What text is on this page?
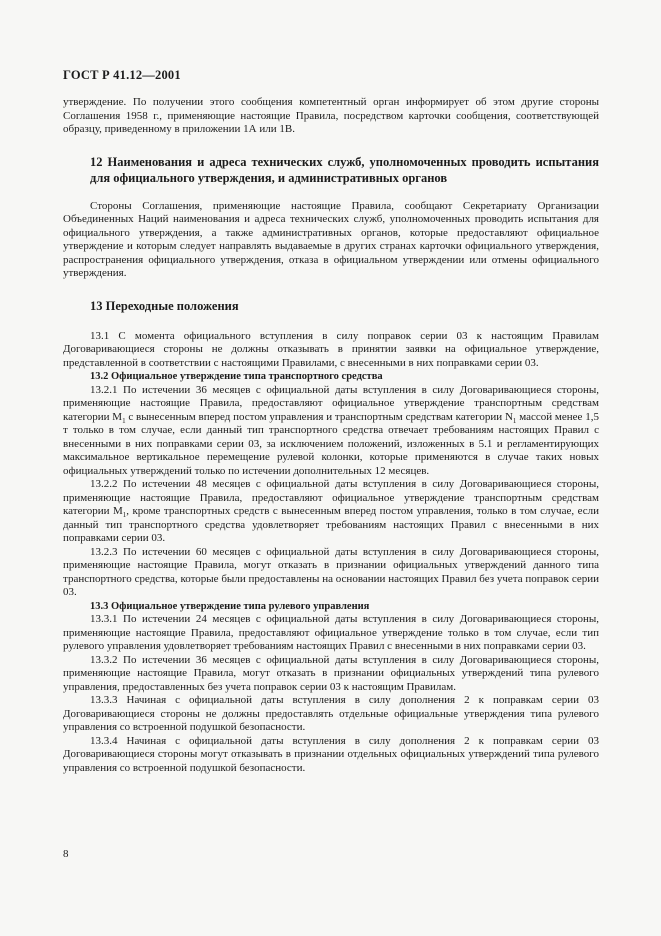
ГОСТ Р 41.12—2001

утверждение. По получении этого сообщения компетентный орган информирует об этом другие стороны Соглашения 1958 г., применяющие настоящие Правила, посредством карточки сообщения, соответствующей образцу, приведенному в приложении 1А или 1В.

12 Наименования и адреса технических служб, уполномоченных проводить испытания для официального утверждения, и административных органов

Стороны Соглашения, применяющие настоящие Правила, сообщают Секретариату Организации Объединенных Наций наименования и адреса технических служб, уполномоченных проводить испытания для официального утверждения, а также административных органов, которые предоставляют официальное утверждение и которым следует направлять выдаваемые в других странах карточки официального утверждения, распространения официального утверждения, отказа в официальном утверждении или отмены официального утверждения.

13 Переходные положения

13.1 С момента официального вступления в силу поправок серии 03 к настоящим Правилам Договаривающиеся стороны не должны отказывать в принятии заявки на официальное утверждение, представленной в соответствии с настоящими Правилами, с внесенными в них поправками серии 03.

13.2 Официальное утверждение типа транспортного средства

13.2.1 По истечении 36 месяцев с официальной даты вступления в силу Договаривающиеся стороны, применяющие настоящие Правила, предоставляют официальное утверждение транспортным средствам категории $M_1$ с вынесенным вперед постом управления и транспортным средствам категории $N_1$ массой менее 1,5 т только в том случае, если данный тип транспортного средства отвечает требованиям настоящих Правил с внесенными в них поправками серии 03, за исключением положений, изложенных в 5.1 и регламентирующих максимальное вертикальное перемещение рулевой колонки, которые применяются в случае таких новых официальных утверждений только по истечении дополнительных 12 месяцев.

13.2.2 По истечении 48 месяцев с официальной даты вступления в силу Договаривающиеся стороны, применяющие настоящие Правила, предоставляют официальное утверждение транспортным средствам категории $M_1$, кроме транспортных средств с вынесенным вперед постом управления, только в том случае, если данный тип транспортного средства удовлетворяет требованиям настоящих Правил с внесенными в них поправками серии 03.

13.2.3 По истечении 60 месяцев с официальной даты вступления в силу Договаривающиеся стороны, применяющие настоящие Правила, могут отказать в признании официальных утверждений данного типа транспортного средства, которые были предоставлены на основании настоящих Правил без учета поправок серии 03.

13.3 Официальное утверждение типа рулевого управления

13.3.1 По истечении 24 месяцев с официальной даты вступления в силу Договаривающиеся стороны, применяющие настоящие Правила, предоставляют официальное утверждение только в том случае, если тип рулевого управления удовлетворяет требованиям настоящих Правил с внесенными в них поправками серии 03.

13.3.2 По истечении 36 месяцев с официальной даты вступления в силу Договаривающиеся стороны, применяющие настоящие Правила, могут отказать в признании официальных утверждений типа рулевого управления, предоставленных без учета поправок серии 03 к настоящим Правилам.

13.3.3 Начиная с официальной даты вступления в силу дополнения 2 к поправкам серии 03 Договаривающиеся стороны не должны предоставлять отдельные официальные утверждения типа рулевого управления со встроенной подушкой безопасности.

13.3.4 Начиная с официальной даты вступления в силу дополнения 2 к поправкам серии 03 Договаривающиеся стороны могут отказывать в признании отдельных официальных утверждений типа рулевого управления со встроенной подушкой безопасности.

8
